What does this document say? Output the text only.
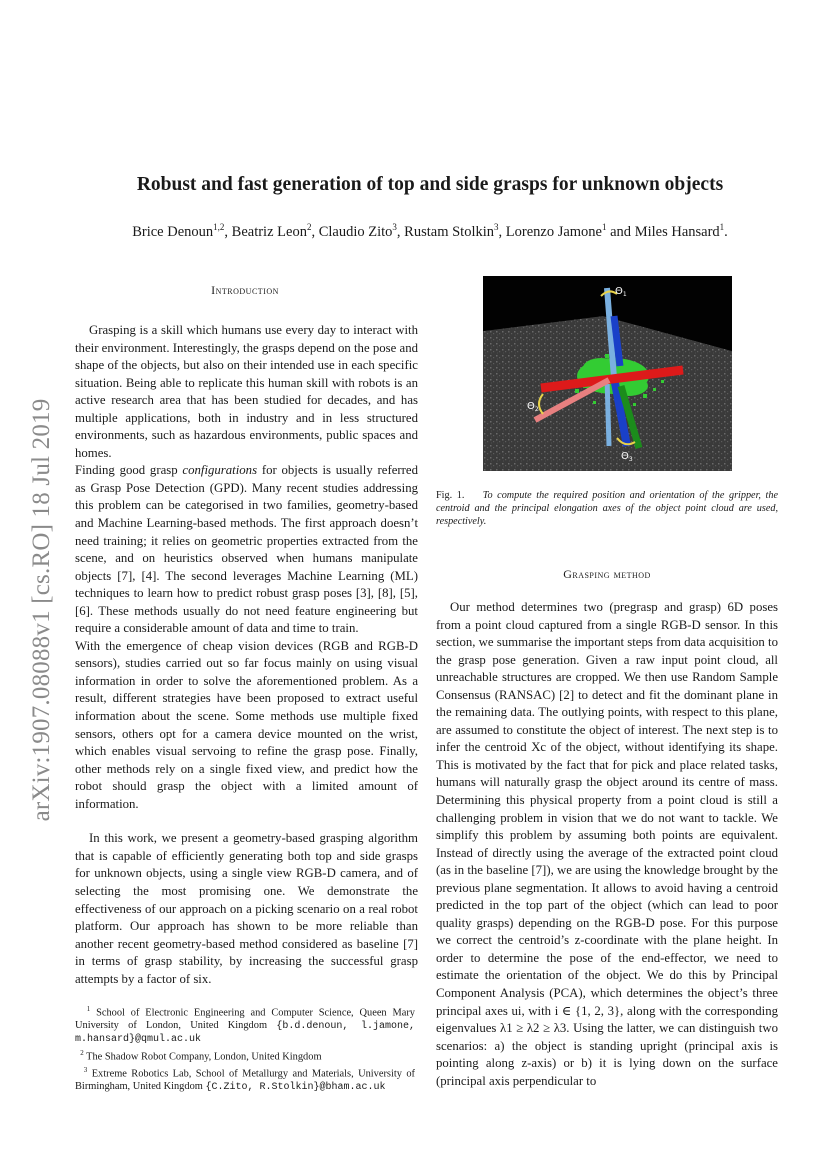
arXiv:1907.08088v1 [cs.RO] 18 Jul 2019
Robust and fast generation of top and side grasps for unknown objects
Brice Denoun$^{1,2}$, Beatriz Leon$^2$, Claudio Zito$^3$, Rustam Stolkin$^3$, Lorenzo Jamone$^1$ and Miles Hansard$^1$.
Introduction

Grasping is a skill which humans use every day to interact with their environment. Interestingly, the grasps depend on the pose and shape of the objects, but also on their intended use in each specific situation. Being able to replicate this human skill with robots is an active research area that has been studied for decades, and has multiple applications, both in industry and in less structured environments, such as hazardous environments, public spaces and homes.

Finding good grasp configurations for objects is usually referred as Grasp Pose Detection (GPD). Many recent studies addressing this problem can be categorised in two families, geometry-based and Machine Learning-based methods. The first approach doesn’t need training; it relies on geometric properties extracted from the scene, and on heuristics observed when humans manipulate objects [7], [4]. The second leverages Machine Learning (ML) techniques to learn how to predict robust grasp poses [3], [8], [5], [6]. These methods usually do not need feature engineering but require a considerable amount of data and time to train.

With the emergence of cheap vision devices (RGB and RGB-D sensors), studies carried out so far focus mainly on using visual information in order to solve the aforementioned problem. As a result, different strategies have been proposed to extract useful information about the scene. Some methods use multiple fixed sensors, others opt for a camera device mounted on the wrist, which enables visual servoing to refine the grasp pose. Finally, other methods rely on a single fixed view, and predict how the robot should grasp the object with a limited amount of information.

In this work, we present a geometry-based grasping algorithm that is capable of efficiently generating both top and side grasps for unknown objects, using a single view RGB-D camera, and of selecting the most promising one. We demonstrate the effectiveness of our approach on a picking scenario on a real robot platform. Our approach has shown to be more reliable than another recent geometry-based method considered as baseline [7] in terms of grasp stability, by increasing the successful grasp attempts by a factor of six.

$^1$ School of Electronic Engineering and Computer Science, Queen Mary University of London, United Kingdom {b.d.denoun, l.jamone, m.hansard}@qmul.ac.uk
$^2$ The Shadow Robot Company, London, United Kingdom
$^3$ Extreme Robotics Lab, School of Metallurgy and Materials, University of Birmingham, United Kingdom {C.Zito, R.Stolkin}@bham.ac.uk
$\Theta_1$
$\Theta_2$
$\Theta_3$
Fig. 1. To compute the required position and orientation of the gripper, the centroid and the principal elongation axes of the object point cloud are used, respectively.
Grasping method

Our method determines two (pregrasp and grasp) 6D poses from a point cloud captured from a single RGB-D sensor. In this section, we summarise the important steps from data acquisition to the grasp pose generation. Given a raw input point cloud, all unreachable structures are cropped. We then use Random Sample Consensus (RANSAC) [2] to detect and fit the dominant plane in the remaining data. The outlying points, with respect to this plane, are assumed to constitute the object of interest. The next step is to infer the centroid Xc of the object, without identifying its shape. This is motivated by the fact that for pick and place related tasks, humans will naturally grasp the object around its centre of mass. Determining this physical property from a point cloud is still a challenging problem in vision that we do not want to tackle. We simplify this problem by assuming both points are equivalent. Instead of directly using the average of the extracted point cloud (as in the baseline [7]), we are using the knowledge brought by the previous plane segmentation. It allows to avoid having a centroid predicted in the top part of the object (which can lead to poor quality grasps) depending on the RGB-D pose. For this purpose we correct the centroid’s z-coordinate with the plane height. In order to determine the pose of the end-effector, we need to estimate the orientation of the object. We do this by Principal Component Analysis (PCA), which determines the object’s three principal axes ui, with i ∈ {1, 2, 3}, along with the corresponding eigenvalues λ1 ≥ λ2 ≥ λ3. Using the latter, we can distinguish two scenarios: a) the object is standing upright (principal axis is pointing along z-axis) or b) it is lying down on the surface (principal axis perpendicular to
